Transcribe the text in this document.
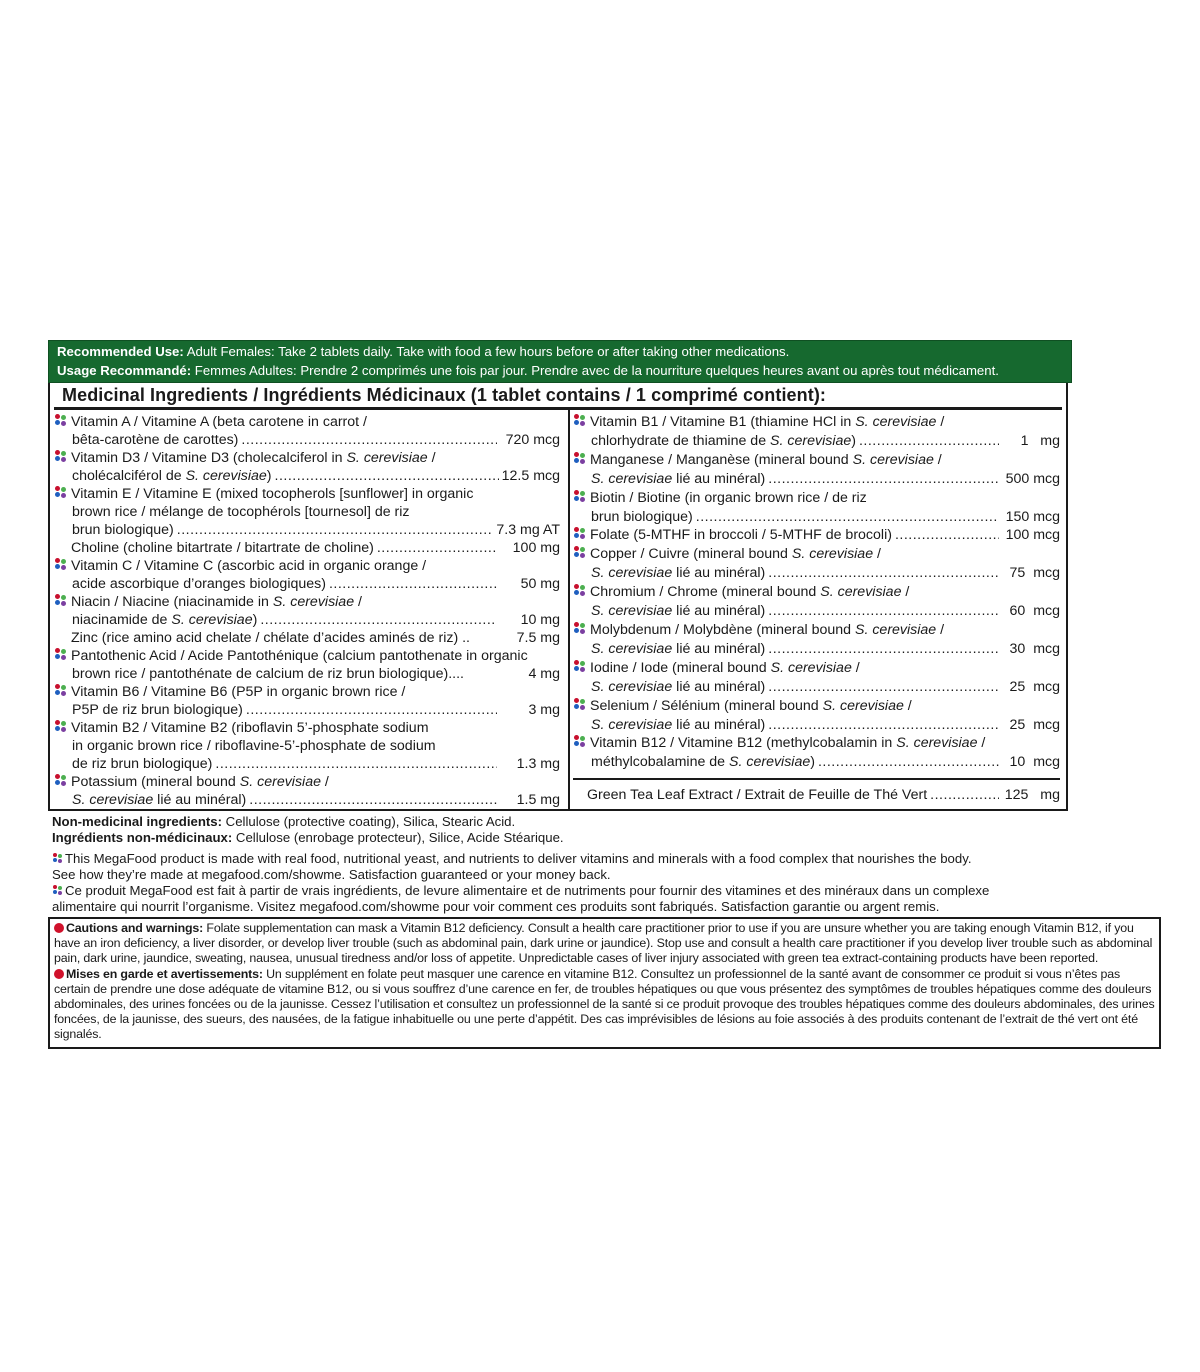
Recommended Use: Adult Females: Take 2 tablets daily. Take with food a few hours before or after taking other medications.
Usage Recommandé: Femmes Adultes: Prendre 2 comprimés une fois par jour. Prendre avec de la nourriture quelques heures avant ou après tout médicament.
Medicinal Ingredients / Ingrédients Médicinaux (1 tablet contains / 1 comprimé contient):
Vitamin A / Vitamine A (beta carotene in carrot /
bêta-carotène de carottes) .....	720 mcg
Vitamin D3 / Vitamine D3 (cholecalciferol in S. cerevisiae /
cholécalciférol de S. cerevisiae) .....	12.5 mcg
Vitamin E / Vitamine E (mixed tocopherols [sunflower] in organic
brown rice / mélange de tocophérols [tournesol] de riz
brun biologique) .....	7.3 mg AT
Choline (choline bitartrate / bitartrate de choline) .....	100 mg
Vitamin C / Vitamine C (ascorbic acid in organic orange /
acide ascorbique d’oranges biologiques) .....	50 mg
Niacin / Niacine (niacinamide in S. cerevisiae /
niacinamide de S. cerevisiae) .....	10 mg
Zinc (rice amino acid chelate / chélate d’acides aminés de riz) ..	7.5 mg
Pantothenic Acid / Acide Pantothénique (calcium pantothenate in organic
brown rice / pantothénate de calcium de riz brun biologique)....	4 mg
Vitamin B6 / Vitamine B6 (P5P in organic brown rice /
P5P de riz brun biologique) .....	3 mg
Vitamin B2 / Vitamine B2 (riboflavin 5’-phosphate sodium
in organic brown rice / riboflavine-5’-phosphate de sodium
de riz brun biologique) .....	1.3 mg
Potassium (mineral bound S. cerevisiae /
S. cerevisiae lié au minéral) .....	1.5 mg
Vitamin B1 / Vitamine B1 (thiamine HCl in S. cerevisiae /
chlorhydrate de thiamine de S. cerevisiae) .....	1   mg
Manganese / Manganèse (mineral bound S. cerevisiae /
S. cerevisiae lié au minéral) .....	500 mcg
Biotin / Biotine (in organic brown rice / de riz
brun biologique) .....	150 mcg
Folate (5-MTHF in broccoli / 5-MTHF de brocoli) .....	100 mcg
Copper / Cuivre (mineral bound S. cerevisiae /
S. cerevisiae lié au minéral) .....	75  mcg
Chromium / Chrome (mineral bound S. cerevisiae /
S. cerevisiae lié au minéral) .....	60  mcg
Molybdenum / Molybdène (mineral bound S. cerevisiae /
S. cerevisiae lié au minéral) .....	30  mcg
Iodine / Iode (mineral bound S. cerevisiae /
S. cerevisiae lié au minéral) .....	25  mcg
Selenium / Sélénium (mineral bound S. cerevisiae /
S. cerevisiae lié au minéral) .....	25  mcg
Vitamin B12 / Vitamine B12 (methylcobalamin in S. cerevisiae /
méthylcobalamine de S. cerevisiae) .....	10  mcg
Green Tea Leaf Extract / Extrait de Feuille de Thé Vert .....	125   mg
Non-medicinal ingredients: Cellulose (protective coating), Silica, Stearic Acid.
Ingrédients non-médicinaux: Cellulose (enrobage protecteur), Silice, Acide Stéarique.
This MegaFood product is made with real food, nutritional yeast, and nutrients to deliver vitamins and minerals with a food complex that nourishes the body.
See how they’re made at megafood.com/showme. Satisfaction guaranteed or your money back.
Ce produit MegaFood est fait à partir de vrais ingrédients, de levure alimentaire et de nutriments pour fournir des vitamines et des minéraux dans un complexe
alimentaire qui nourrit l’organisme. Visitez megafood.com/showme pour voir comment ces produits sont fabriqués. Satisfaction garantie ou argent remis.
Cautions and warnings: Folate supplementation can mask a Vitamin B12 deficiency. Consult a health care practitioner prior to use if you are unsure whether you are taking enough Vitamin B12, if you have an iron deficiency, a liver disorder, or develop liver trouble (such as abdominal pain, dark urine or jaundice). Stop use and consult a health care practitioner if you develop liver trouble such as abdominal pain, dark urine, jaundice, sweating, nausea, unusual tiredness and/or loss of appetite. Unpredictable cases of liver injury associated with green tea extract-containing products have been reported.
Mises en garde et avertissements: Un supplément en folate peut masquer une carence en vitamine B12. Consultez un professionnel de la santé avant de consommer ce produit si vous n’êtes pas certain de prendre une dose adéquate de vitamine B12, ou si vous souffrez d’une carence en fer, de troubles hépatiques ou que vous présentez des symptômes de troubles hépatiques comme des douleurs abdominales, des urines foncées ou de la jaunisse. Cessez l’utilisation et consultez un professionnel de la santé si ce produit provoque des troubles hépatiques comme des douleurs abdominales, des urines foncées, de la jaunisse, des sueurs, des nausées, de la fatigue inhabituelle ou une perte d’appétit. Des cas imprévisibles de lésions au foie associés à des produits contenant de l’extrait de thé vert ont été signalés.
